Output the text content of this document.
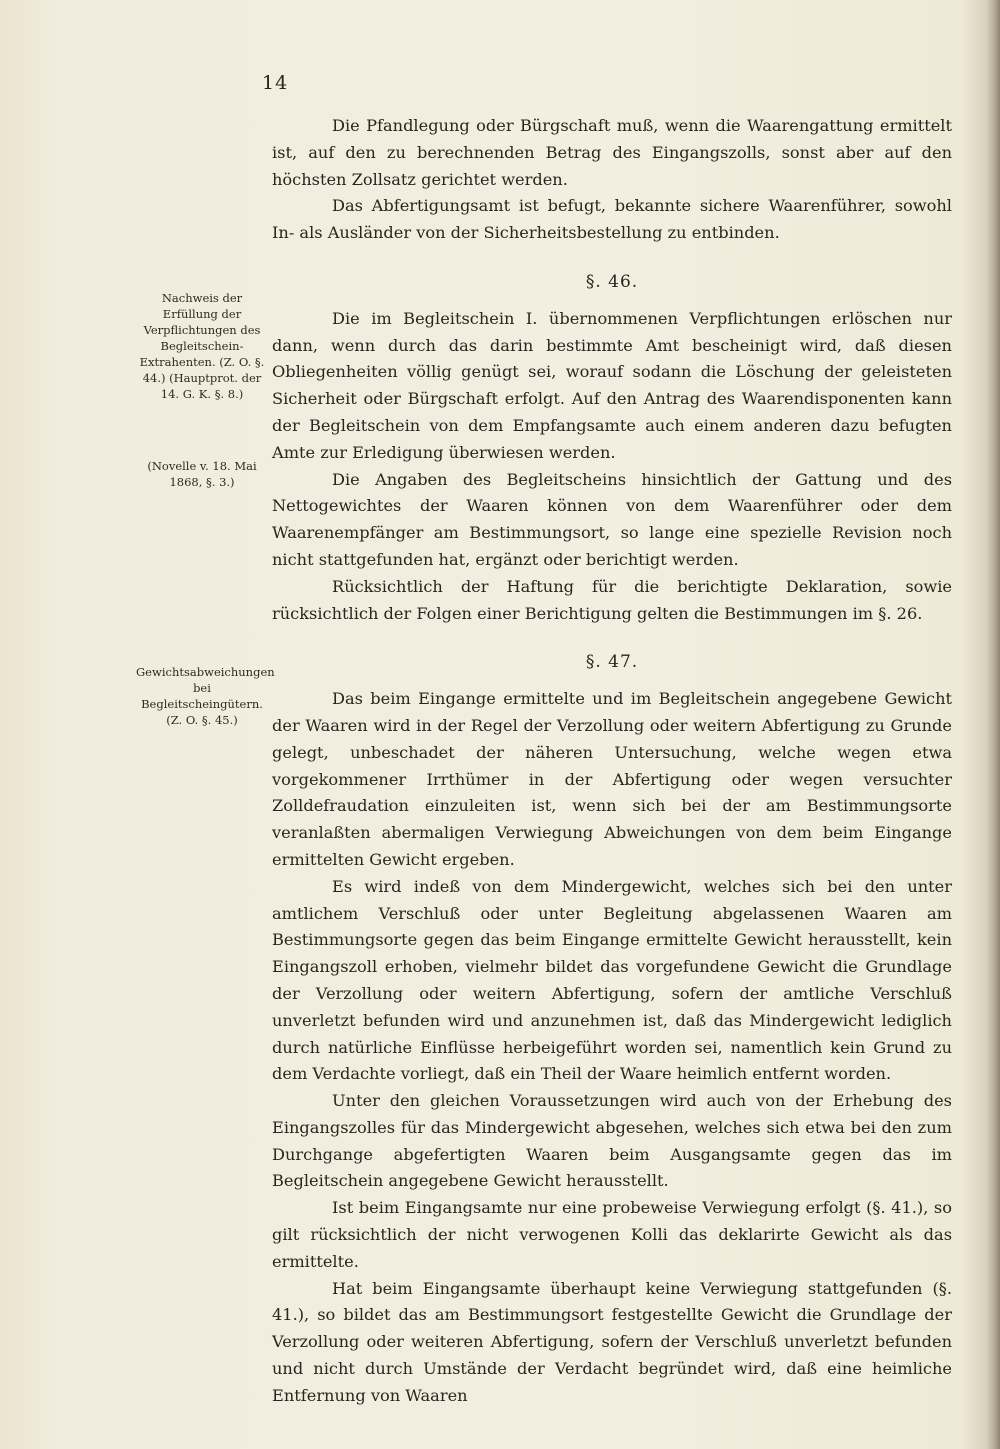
14
Nachweis der Erfüllung der Verpflichtungen des Begleitschein-Extrahenten. (Z. O. §. 44.) (Hauptprot. der 14. G. K. §. 8.)
(Novelle v. 18. Mai 1868, §. 3.)
Gewichtsabweichungen bei Begleitscheingütern. (Z. O. §. 45.)

Die Pfandlegung oder Bürgschaft muß, wenn die Waarengattung ermittelt ist, auf den zu berechnenden Betrag des Eingangszolls, sonst aber auf den höchsten Zollsatz gerichtet werden.

Das Abfertigungsamt ist befugt, bekannte sichere Waarenführer, sowohl In- als Ausländer von der Sicherheitsbestellung zu entbinden.

§. 46.

Die im Begleitschein I. übernommenen Verpflichtungen erlöschen nur dann, wenn durch das darin bestimmte Amt bescheinigt wird, daß diesen Obliegenheiten völlig genügt sei, worauf sodann die Löschung der geleisteten Sicherheit oder Bürgschaft erfolgt. Auf den Antrag des Waarendisponenten kann der Begleitschein von dem Empfangsamte auch einem anderen dazu befugten Amte zur Erledigung überwiesen werden.

Die Angaben des Begleitscheins hinsichtlich der Gattung und des Nettogewichtes der Waaren können von dem Waarenführer oder dem Waarenempfänger am Bestimmungsort, so lange eine spezielle Revision noch nicht stattgefunden hat, ergänzt oder berichtigt werden.

Rücksichtlich der Haftung für die berichtigte Deklaration, sowie rücksichtlich der Folgen einer Berichtigung gelten die Bestimmungen im §. 26.

§. 47.

Das beim Eingange ermittelte und im Begleitschein angegebene Gewicht der Waaren wird in der Regel der Verzollung oder weitern Abfertigung zu Grunde gelegt, unbeschadet der näheren Untersuchung, welche wegen etwa vorgekommener Irrthümer in der Abfertigung oder wegen versuchter Zolldefraudation einzuleiten ist, wenn sich bei der am Bestimmungsorte veranlaßten abermaligen Verwiegung Abweichungen von dem beim Eingange ermittelten Gewicht ergeben.

Es wird indeß von dem Mindergewicht, welches sich bei den unter amtlichem Verschluß oder unter Begleitung abgelassenen Waaren am Bestimmungsorte gegen das beim Eingange ermittelte Gewicht herausstellt, kein Eingangszoll erhoben, vielmehr bildet das vorgefundene Gewicht die Grundlage der Verzollung oder weitern Abfertigung, sofern der amtliche Verschluß unverletzt befunden wird und anzunehmen ist, daß das Mindergewicht lediglich durch natürliche Einflüsse herbeigeführt worden sei, namentlich kein Grund zu dem Verdachte vorliegt, daß ein Theil der Waare heimlich entfernt worden.

Unter den gleichen Voraussetzungen wird auch von der Erhebung des Eingangszolles für das Mindergewicht abgesehen, welches sich etwa bei den zum Durchgange abgefertigten Waaren beim Ausgangsamte gegen das im Begleitschein angegebene Gewicht herausstellt.

Ist beim Eingangsamte nur eine probeweise Verwiegung erfolgt (§. 41.), so gilt rücksichtlich der nicht verwogenen Kolli das deklarirte Gewicht als das ermittelte.

Hat beim Eingangsamte überhaupt keine Verwiegung stattgefunden (§. 41.), so bildet das am Bestimmungsort festgestellte Gewicht die Grundlage der Verzollung oder weiteren Abfertigung, sofern der Verschluß unverletzt befunden und nicht durch Umstände der Verdacht begründet wird, daß eine heimliche Entfernung von Waaren
